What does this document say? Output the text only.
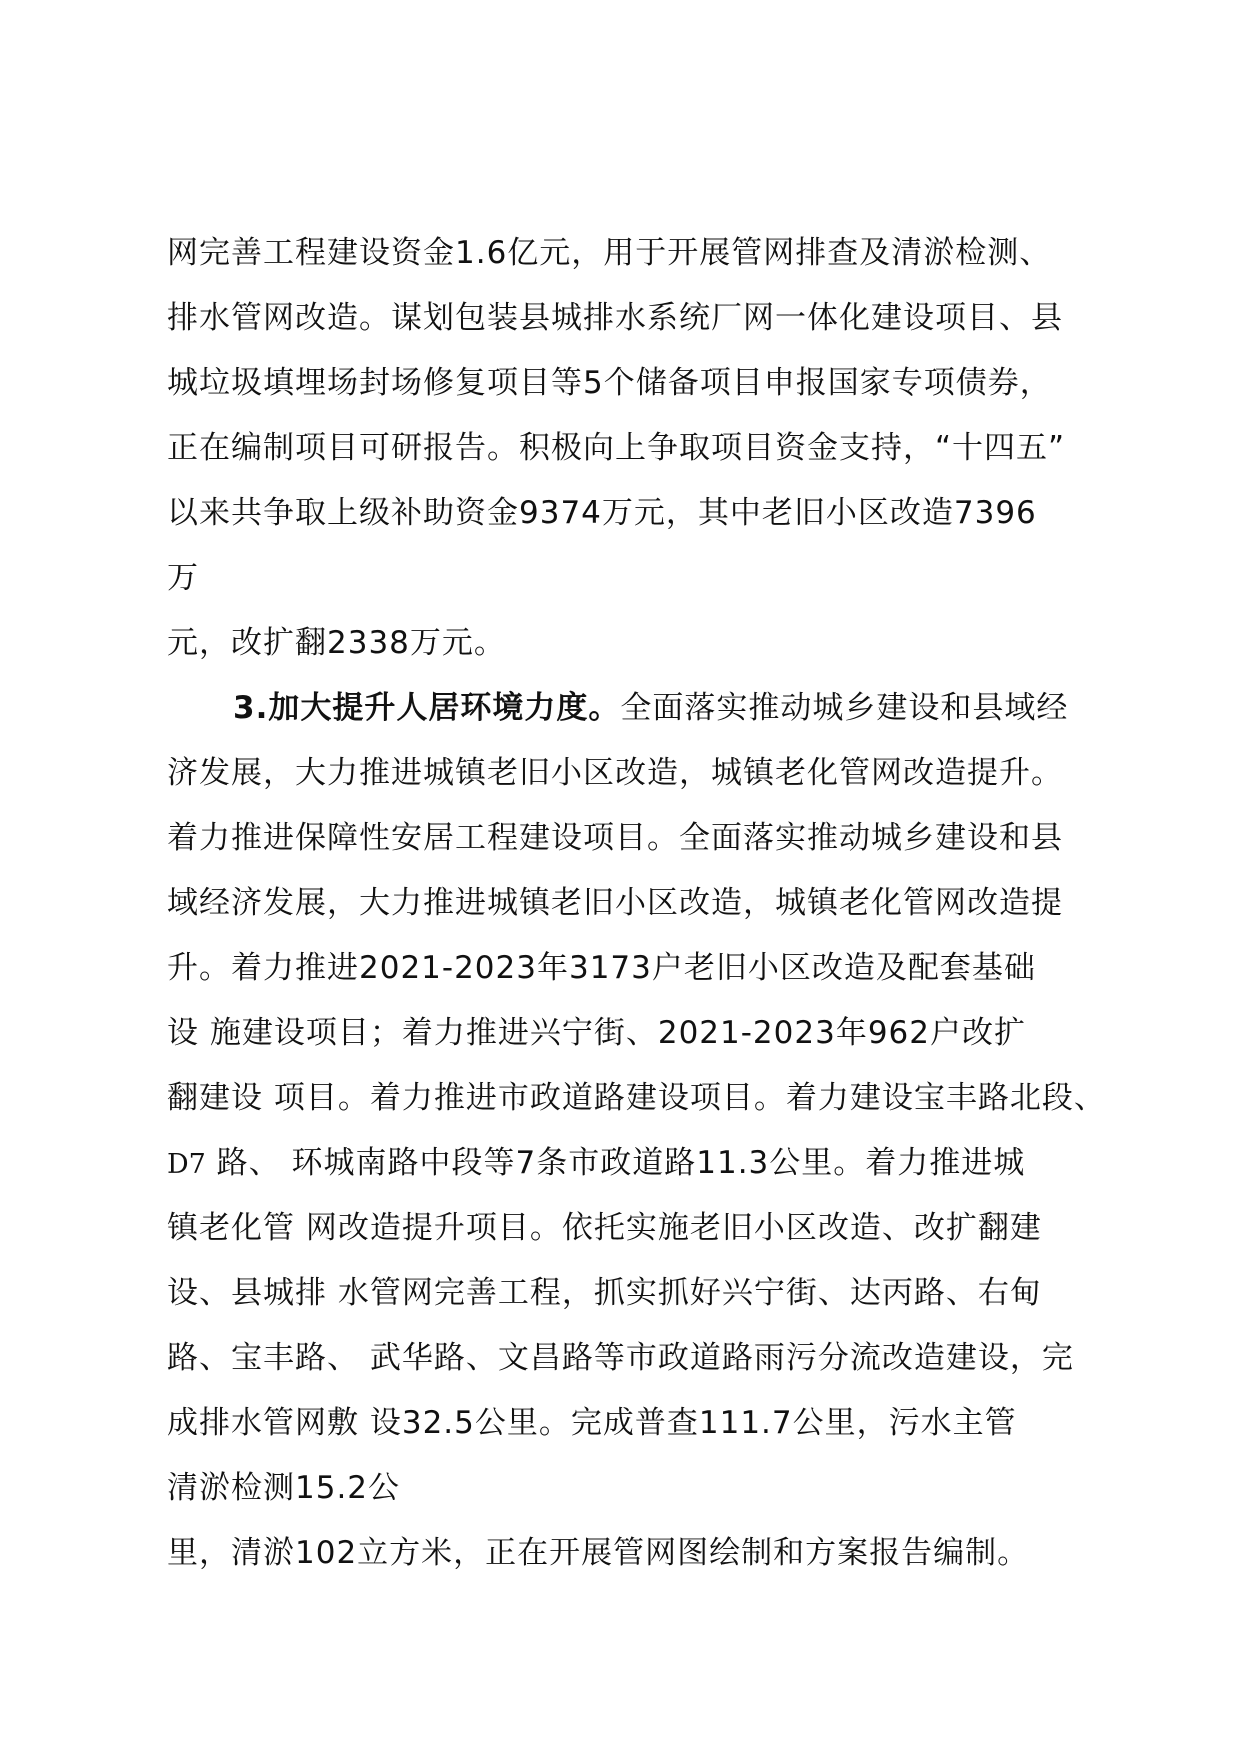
网完善工程建设资金1.6亿元，用于开展管网排查及清淤检测、
排水管网改造。谋划包装县城排水系统厂网一体化建设项目、县
城垃圾填埋场封场修复项目等5个储备项目申报国家专项债券，
正在编制项目可研报告。积极向上争取项目资金支持，“十四五”
以来共争取上级补助资金9374万元，其中老旧小区改造7396
万
元，改扩翻2338万元。
3.加大提升人居环境力度。全面落实推动城乡建设和县域经
济发展，大力推进城镇老旧小区改造，城镇老化管网改造提升。
着力推进保障性安居工程建设项目。全面落实推动城乡建设和县
域经济发展，大力推进城镇老旧小区改造，城镇老化管网改造提
升。着力推进2021-2023年3173户老旧小区改造及配套基础
设 施建设项目；着力推进兴宁街、2021-2023年962户改扩
翻建设 项目。着力推进市政道路建设项目。着力建设宝丰路北段、
D7 路、 环城南路中段等7条市政道路11.3公里。着力推进城
镇老化管 网改造提升项目。依托实施老旧小区改造、改扩翻建
设、县城排 水管网完善工程，抓实抓好兴宁街、达丙路、右甸
路、宝丰路、 武华路、文昌路等市政道路雨污分流改造建设，完
成排水管网敷 设32.5公里。完成普查111.7公里，污水主管
清淤检测15.2公
里，清淤102立方米，正在开展管网图绘制和方案报告编制。
